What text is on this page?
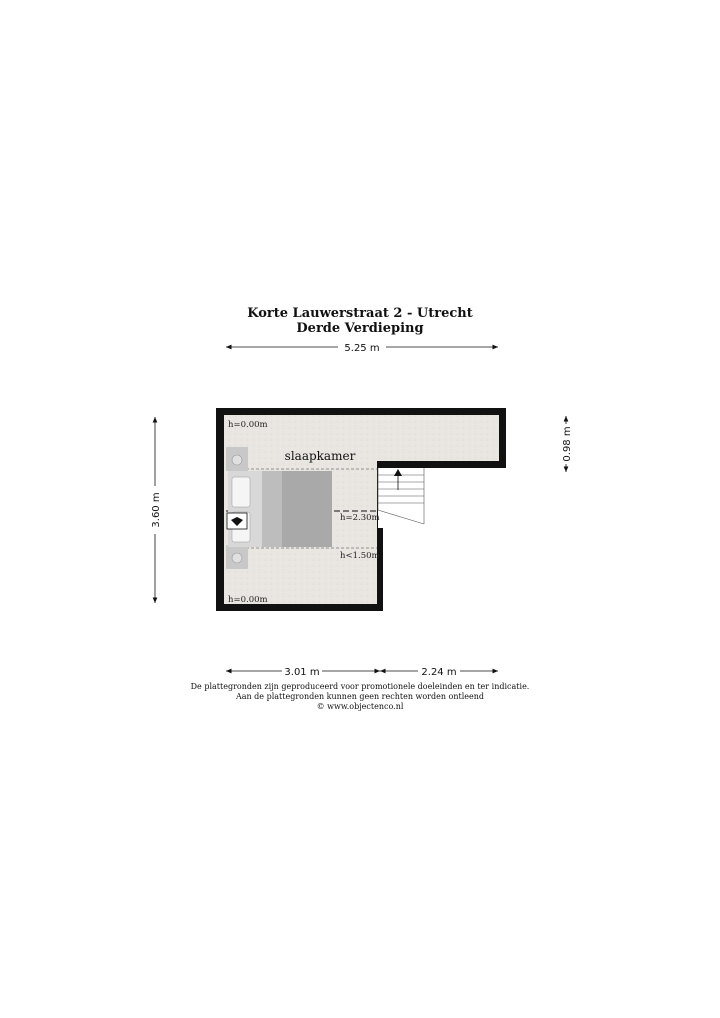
Korte Lauwerstraat 2 - Utrecht
Derde Verdieping
5.25 m
3.60 m
0.98 m
slaapkamer
h=0.00m
h=2.30m
h<1.50m
h=0.00m
3.01 m	2.24 m
De plattegronden zijn geproduceerd voor promotionele doeleinden en ter indicatie.
Aan de plattegronden kunnen geen rechten worden ontleend
© www.objectenco.nl
